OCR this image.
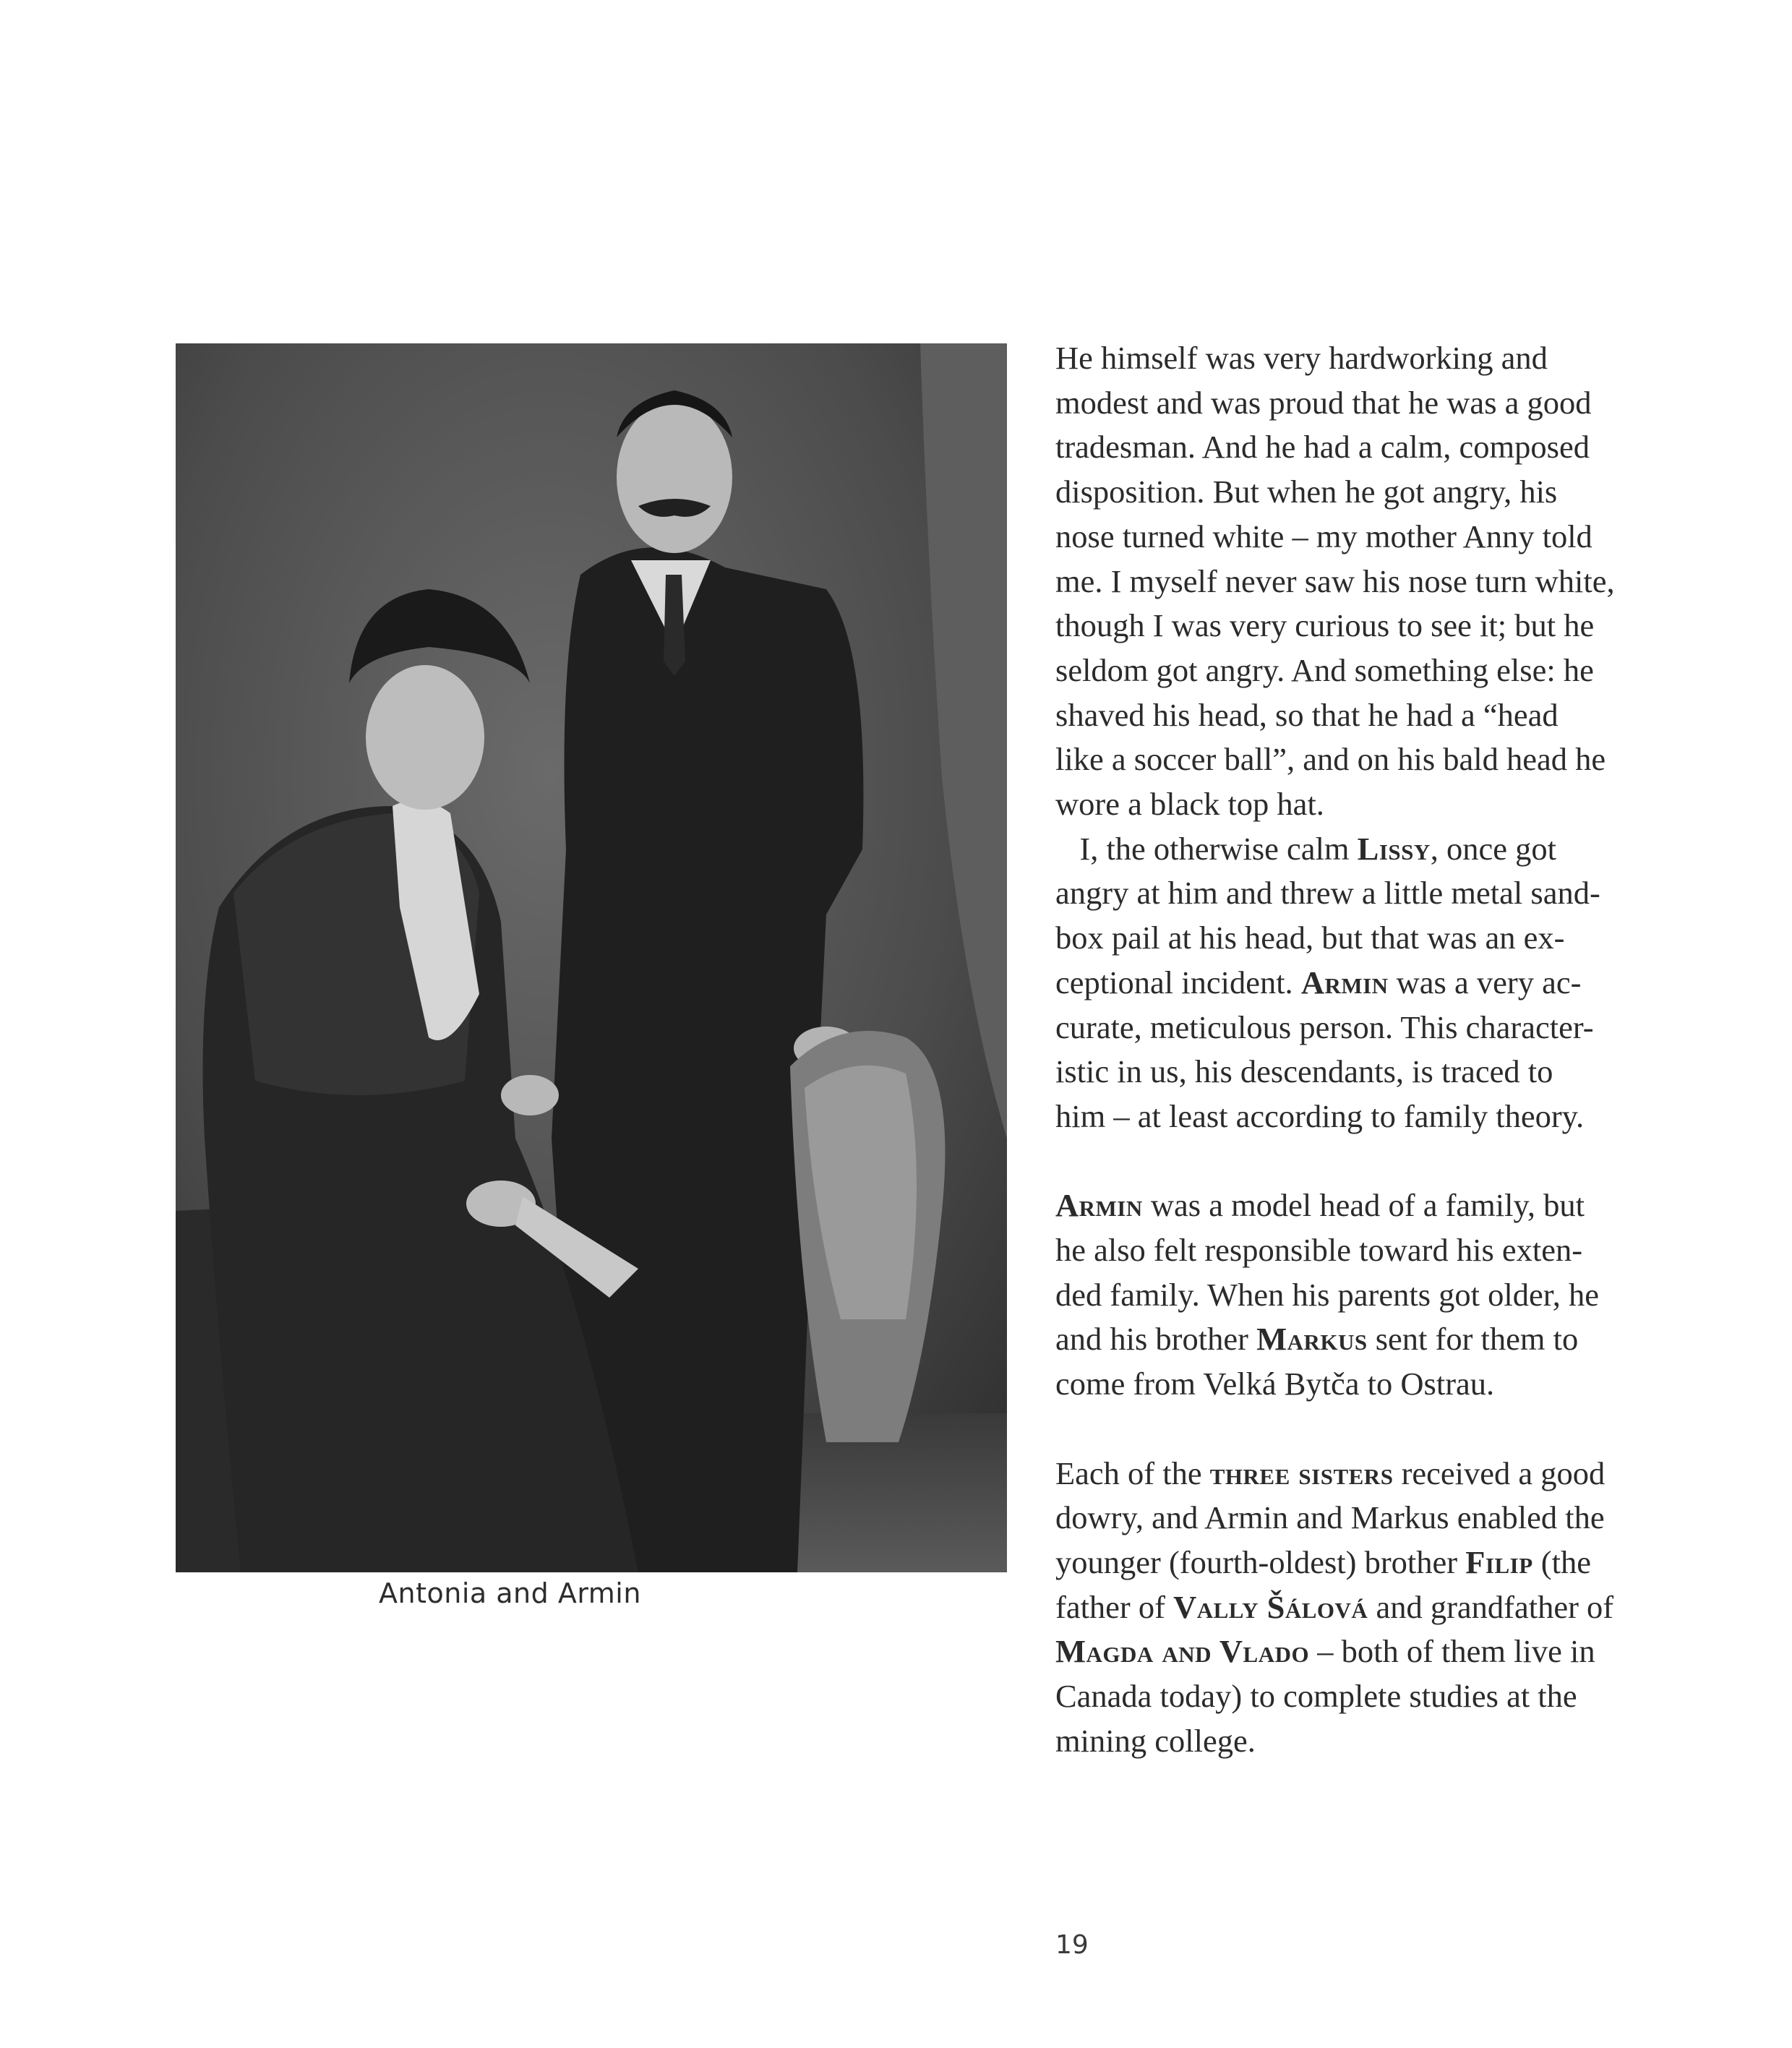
Antonia and Armin
He himself was very hardworking and
modest and was proud that he was a good
tradesman. And he had a calm, composed
disposition. But when he got angry, his
nose turned white – my mother Anny told
me. I myself never saw his nose turn white,
though I was very curious to see it; but he
seldom got angry. And something else: he
shaved his head, so that he had a “head
like a soccer ball”, and on his bald head he
wore a black top hat.
I, the otherwise calm Lissy, once got
angry at him and threw a little metal sand-
box pail at his head, but that was an ex-
ceptional incident. Armin was a very ac-
curate, meticulous person. This character-
istic in us, his descendants, is traced to
him – at least according to family theory.
Armin was a model head of a family, but
he also felt responsible toward his exten-
ded family. When his parents got older, he
and his brother Markus sent for them to
come from Velká Bytča to Ostrau.
Each of the three sisters received a good
dowry, and Armin and Markus enabled the
younger (fourth-oldest) brother Filip (the
father of Vally Šálová and grandfather of
Magda and Vlado – both of them live in
Canada today) to complete studies at the
mining college.
19
